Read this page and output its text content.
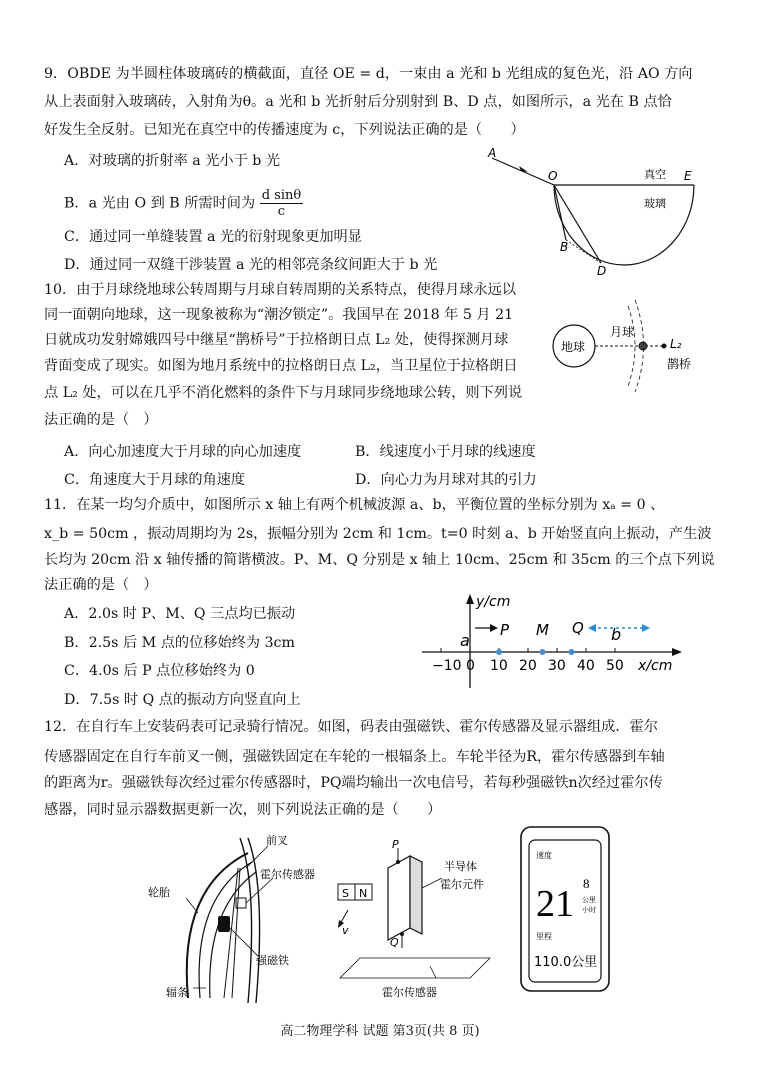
9．OBDE 为半圆柱体玻璃砖的横截面，直径 OE = d，一束由 a 光和 b 光组成的复色光，沿 AO 方向
从上表面射入玻璃砖，入射角为θ。a 光和 b 光折射后分别射到 B、D 点，如图所示，a 光在 B 点恰
好发生全反射。已知光在真空中的传播速度为 c，下列说法正确的是（　　）
A．对玻璃的折射率 a 光小于 b 光
B．a 光由 O 到 B 所需时间为 $\frac{\text{d sinθ}}{c}$
C．通过同一单缝装置 a 光的衍射现象更加明显
D．通过同一双缝干涉装置 a 光的相邻亮条纹间距大于 b 光
A
O	E
B
D
真空
玻璃
10．由于月球绕地球公转周期与月球自转周期的关系特点，使得月球永远以
同一面朝向地球，这一现象被称为“潮汐锁定”。我国早在 2018 年 5 月 21
日就成功发射嫦娥四号中继星“鹊桥号”于拉格朗日点 L₂ 处，使得探测月球
背面变成了现实。如图为地月系统中的拉格朗日点 L₂，当卫星位于拉格朗日
点 L₂ 处，可以在几乎不消化燃料的条件下与月球同步绕地球公转，则下列说
法正确的是（　）
A．向心加速度大于月球的向心加速度	B．线速度小于月球的线速度
C．角速度大于月球的角速度	D．向心力为月球对其的引力
地球
月球
L₂
鹊桥
11．在某一均匀介质中，如图所示 x 轴上有两个机械波源 a、b，平衡位置的坐标分别为 xₐ = 0 、
x_b = 50cm ，振动周期均为 2s，振幅分别为 2cm 和 1cm。t=0 时刻 a、b 开始竖直向上振动，产生波
长均为 20cm 沿 x 轴传播的简谐横波。P、M、Q 分别是 x 轴上 10cm、25cm 和 35cm 的三个点下列说
法正确的是（　）
A．2.0s 时 P、M、Q 三点均已振动
B．2.5s 后 M 点的位移始终为 3cm
C．4.0s 后 P 点位移始终为 0
D．7.5s 时 Q 点的振动方向竖直向上
−10 0 10 20 30 40 50
y/cm
x/cm
a	b
P M Q
12．在自行车上安装码表可记录骑行情况。如图，码表由强磁铁、霍尔传感器及显示器组成．霍尔
传感器固定在自行车前叉一侧，强磁铁固定在车轮的一根辐条上。车轮半径为R，霍尔传感器到车轴
的距离为r。强磁铁每次经过霍尔传感器时，PQ端均输出一次电信号，若每秒强磁铁n次经过霍尔传
感器，同时显示器数据更新一次，则下列说法正确的是（　　）
前叉
轮胎
霍尔传感器
强磁铁
辐条
P
Q
S N
v
半导体
霍尔元件
霍尔传感器
速度
21 8
公里
小时
里程
110.0公里
高二物理学科 试题 第3页(共 8 页)
